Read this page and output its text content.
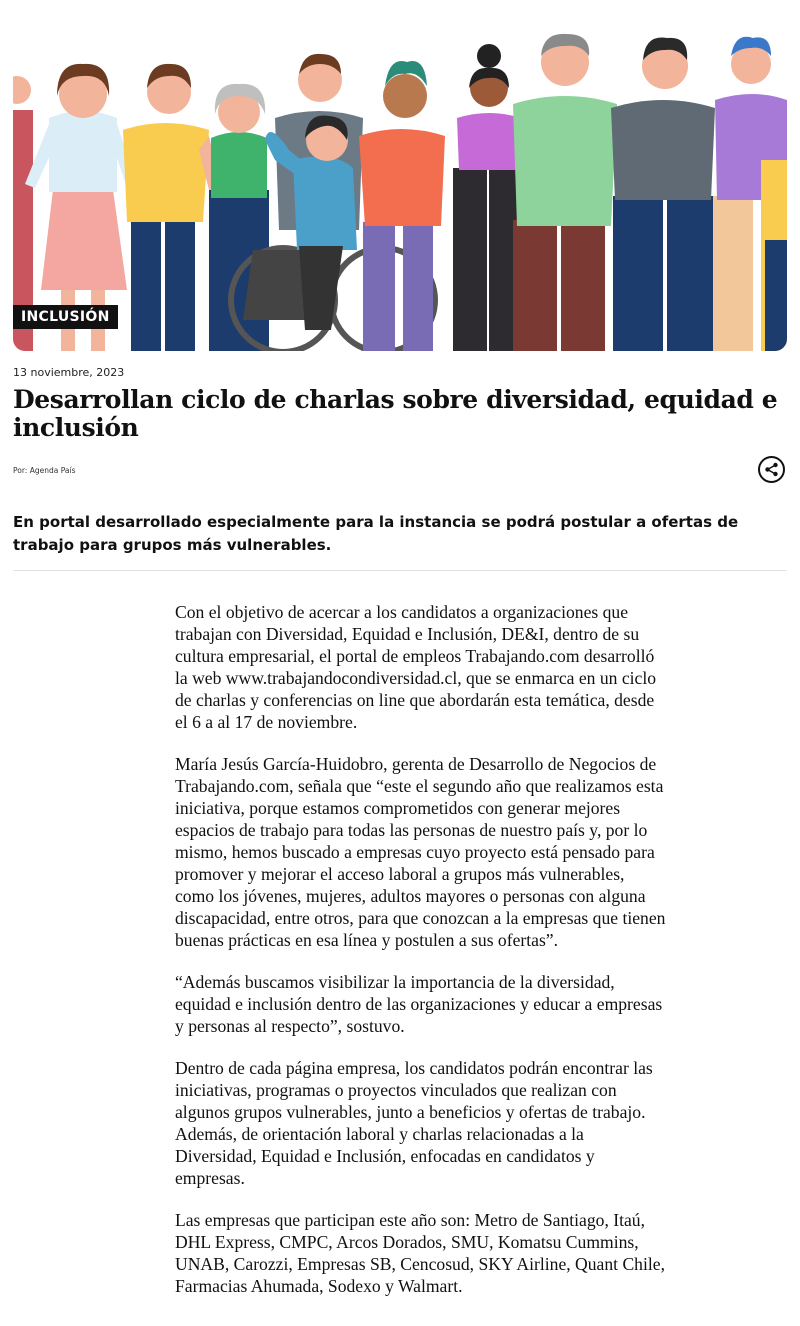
INCLUSIÓN
13 noviembre, 2023
Desarrollan ciclo de charlas sobre diversidad, equidad e inclusión
Por: Agenda País

En portal desarrollado especialmente para la instancia se podrá postular a ofertas de trabajo para grupos más vulnerables.

Con el objetivo de acercar a los candidatos a organizaciones que trabajan con Diversidad, Equidad e Inclusión, DE&I, dentro de su cultura empresarial, el portal de empleos Trabajando.com desarrolló la web www.trabajandocondiversidad.cl, que se enmarca en un ciclo de charlas y conferencias on line que abordarán esta temática, desde el 6 a al 17 de noviembre.

María Jesús García-Huidobro, gerenta de Desarrollo de Negocios de Trabajando.com, señala que “este el segundo año que realizamos esta iniciativa, porque estamos comprometidos con generar mejores espacios de trabajo para todas las personas de nuestro país y, por lo mismo, hemos buscado a empresas cuyo proyecto está pensado para promover y mejorar el acceso laboral a grupos más vulnerables, como los jóvenes, mujeres, adultos mayores o personas con alguna discapacidad, entre otros, para que conozcan a la empresas que tienen buenas prácticas en esa línea y postulen a sus ofertas”.

“Además buscamos visibilizar la importancia de la diversidad, equidad e inclusión dentro de las organizaciones y educar a empresas y personas al respecto”, sostuvo.

Dentro de cada página empresa, los candidatos podrán encontrar las iniciativas, programas o proyectos vinculados que realizan con algunos grupos vulnerables, junto a beneficios y ofertas de trabajo. Además, de orientación laboral y charlas relacionadas a la Diversidad, Equidad e Inclusión, enfocadas en candidatos y empresas.

Las empresas que participan este año son: Metro de Santiago, Itaú, DHL Express, CMPC, Arcos Dorados, SMU, Komatsu Cummins, UNAB, Carozzi, Empresas SB, Cencosud, SKY Airline, Quant Chile, Farmacias Ahumada, Sodexo y Walmart.
